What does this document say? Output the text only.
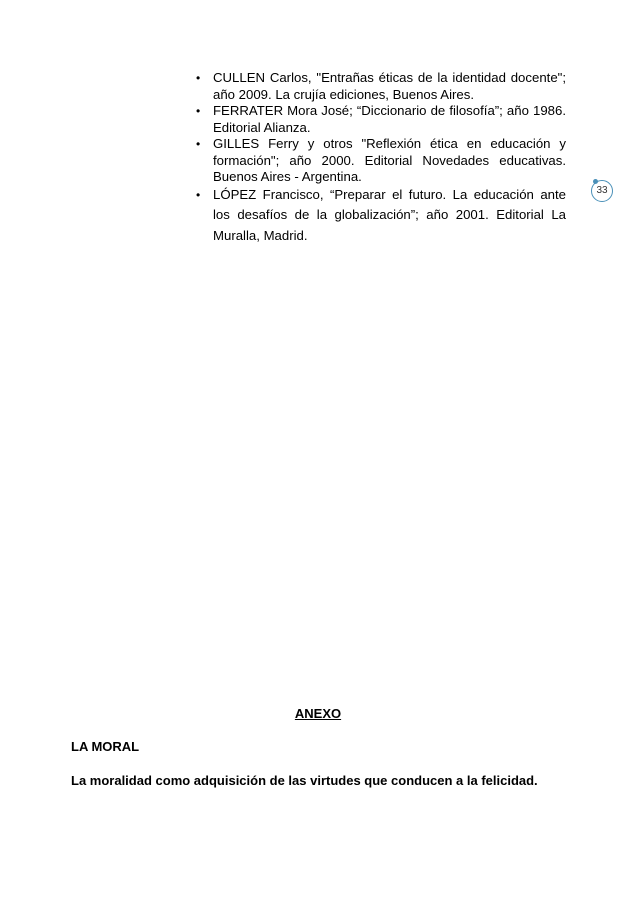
• CULLEN Carlos, "Entrañas éticas de la identidad docente"; año 2009. La crujía ediciones, Buenos Aires.
• FERRATER Mora José; “Diccionario de filosofía”; año 1986. Editorial Alianza.
• GILLES Ferry y otros "Reflexión ética en educación y formación"; año 2000. Editorial Novedades educativas. Buenos Aires - Argentina.
• LÓPEZ Francisco, “Preparar el futuro. La educación ante los desafíos de la globalización”; año 2001. Editorial La Muralla, Madrid.
33
ANEXO
LA MORAL
La moralidad como adquisición de las virtudes que conducen a la felicidad.
